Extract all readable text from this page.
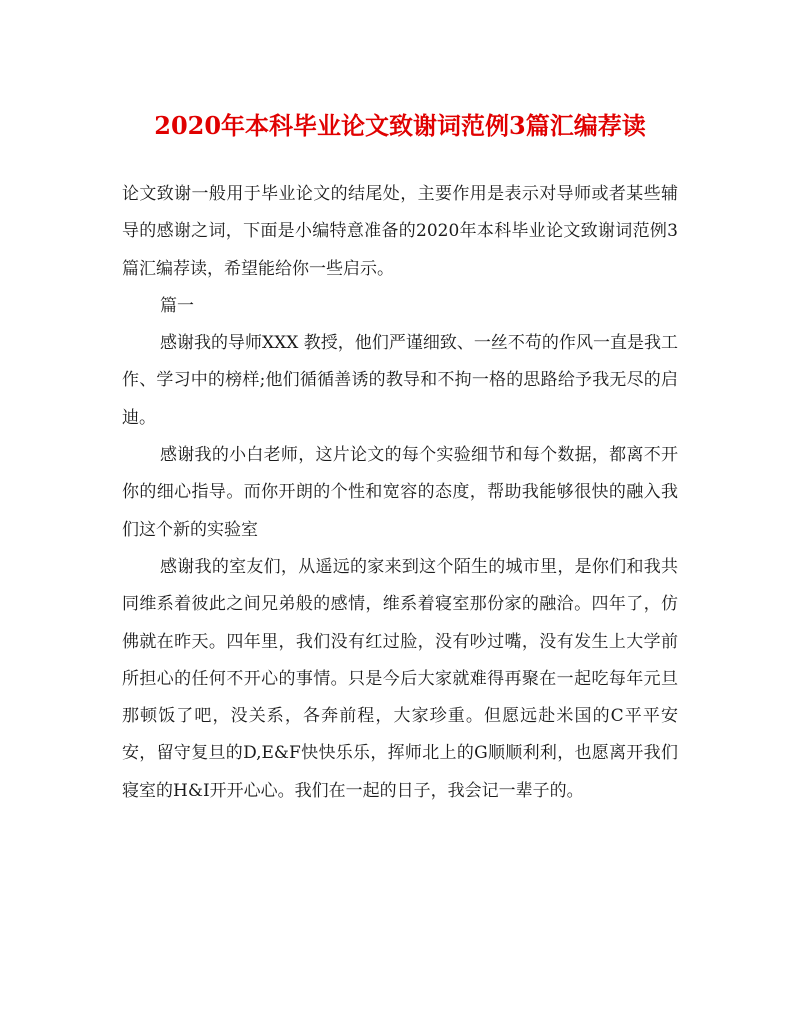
2020年本科毕业论文致谢词范例3篇汇编荐读

论文致谢一般用于毕业论文的结尾处，主要作用是表示对导师或者某些辅导的感谢之词，下面是小编特意准备的2020年本科毕业论文致谢词范例3篇汇编荐读，希望能给你一些启示。

篇一

感谢我的导师XXX 教授，他们严谨细致、一丝不苟的作风一直是我工作、学习中的榜样;他们循循善诱的教导和不拘一格的思路给予我无尽的启迪。

感谢我的小白老师，这片论文的每个实验细节和每个数据，都离不开你的细心指导。而你开朗的个性和宽容的态度，帮助我能够很快的融入我们这个新的实验室

感谢我的室友们，从遥远的家来到这个陌生的城市里，是你们和我共同维系着彼此之间兄弟般的感情，维系着寝室那份家的融洽。四年了，仿佛就在昨天。四年里，我们没有红过脸，没有吵过嘴，没有发生上大学前所担心的任何不开心的事情。只是今后大家就难得再聚在一起吃每年元旦那顿饭了吧，没关系，各奔前程，大家珍重。但愿远赴米国的C平平安安，留守复旦的D,E&F快快乐乐，挥师北上的G顺顺利利，也愿离开我们寝室的H&I开开心心。我们在一起的日子，我会记一辈子的。
